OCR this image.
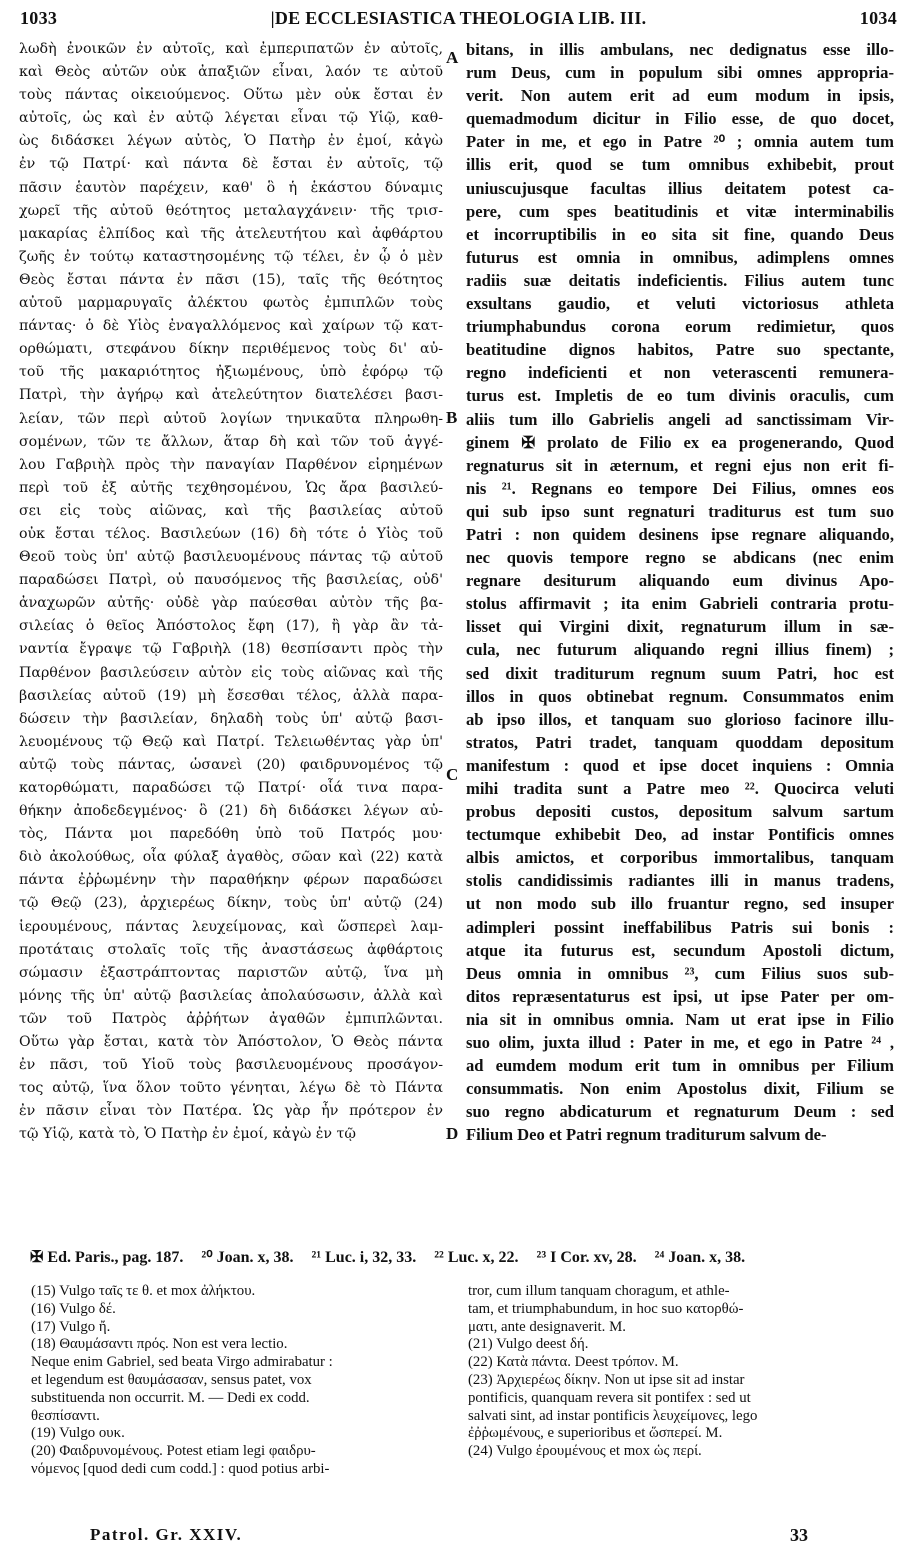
1033	|DE ECCLESIASTICA THEOLOGIA LIB. III.	1034

λωδὴ ἐνοικῶν ἐν αὐτοῖς, καὶ ἐμπεριπατῶν ἐν αὐτοῖς,

καὶ Θεὸς αὐτῶν οὐκ ἀπαξιῶν εἶναι, λαόν τε αὐτοῦ

τοὺς πάντας οἰκειούμενος. Οὕτω μὲν οὐκ ἔσται ἐν

αὐτοῖς, ὡς καὶ ἐν αὐτῷ λέγεται εἶναι τῷ Υἱῷ, καθ-

ὼς διδάσκει λέγων αὐτὸς, Ὁ Πατὴρ ἐν ἐμοί, κἀγὼ

ἐν τῷ Πατρί· καὶ πάντα δὲ ἔσται ἐν αὐτοῖς, τῷ

πᾶσιν ἑαυτὸν παρέχειν, καθ' ὃ ἡ ἑκάστου δύναμις

χωρεῖ τῆς αὐτοῦ θεότητος μεταλαγχάνειν· τῆς τρισ-

μακαρίας ἐλπίδος καὶ τῆς ἀτελευτήτου καὶ ἀφθάρτου

ζωῆς ἐν τούτῳ καταστησομένης τῷ τέλει, ἐν ᾧ ὁ μὲν

Θεὸς ἔσται πάντα ἐν πᾶσι (15), ταῖς τῆς θεότητος

αὐτοῦ μαρμαρυγαῖς ἀλέκτου φωτὸς ἐμπιπλῶν τοὺς

πάντας· ὁ δὲ Υἱὸς ἐναγαλλόμενος καὶ χαίρων τῷ κατ-

ορθώματι, στεφάνου δίκην περιθέμενος τοὺς δι' αὐ-

τοῦ τῆς μακαριότητος ἠξιωμένους, ὑπὸ ἐφόρῳ τῷ

Πατρὶ, τὴν ἀγήρῳ καὶ ἀτελεύτητον διατελέσει βασι-

λείαν, τῶν περὶ αὐτοῦ λογίων τηνικαῦτα πληρωθη-

σομένων, τῶν τε ἄλλων, ἅταρ δὴ καὶ τῶν τοῦ ἀγγέ-

λου Γαβριὴλ πρὸς τὴν παναγίαν Παρθένον εἰρημένων

περὶ τοῦ ἐξ αὐτῆς τεχθησομένου, Ὡς ἄρα βασιλεύ-

σει εἰς τοὺς αἰῶνας, καὶ τῆς βασιλείας αὐτοῦ

οὐκ ἔσται τέλος. Βασιλεύων (16) δὴ τότε ὁ Υἱὸς τοῦ

Θεοῦ τοὺς ὑπ' αὐτῷ βασιλευομένους πάντας τῷ αὐτοῦ

παραδώσει Πατρὶ, οὐ παυσόμενος τῆς βασιλείας, οὐδ'

ἀναχωρῶν αὐτῆς· οὐδὲ γὰρ παύεσθαι αὐτὸν τῆς βα-

σιλείας ὁ θεῖος Ἀπόστολος ἔφη (17), ἢ γὰρ ἂν τἀ-

ναντία ἔγραψε τῷ Γαβριὴλ (18) θεσπίσαντι πρὸς τὴν

Παρθένον βασιλεύσειν αὐτὸν εἰς τοὺς αἰῶνας καὶ τῆς

βασιλείας αὐτοῦ (19) μὴ ἔσεσθαι τέλος, ἀλλὰ παρα-

δώσειν τὴν βασιλείαν, δηλαδὴ τοὺς ὑπ' αὐτῷ βασι-

λευομένους τῷ Θεῷ καὶ Πατρί. Τελειωθέντας γὰρ ὑπ'

αὐτῷ τοὺς πάντας, ὡσανεὶ (20) φαιδρυνομένος τῷ

κατορθώματι, παραδώσει τῷ Πατρί· οἷά τινα παρα-

θήκην ἀποδεδεγμένος· ὃ (21) δὴ διδάσκει λέγων αὐ-

τὸς, Πάντα μοι παρεδόθη ὑπὸ τοῦ Πατρός μου·

διὸ ἀκολούθως, οἷα φύλαξ ἀγαθὸς, σῶαν καὶ (22) κατὰ

πάντα ἐῤῥωμένην τὴν παραθήκην φέρων παραδώσει

τῷ Θεῷ (23), ἀρχιερέως δίκην, τοὺς ὑπ' αὐτῷ (24)

ἱερουμένους, πάντας λευχείμονας, καὶ ὥσπερεὶ λαμ-

προτάταις στολαῖς τοῖς τῆς ἀναστάσεως ἀφθάρτοις

σώμασιν ἐξαστράπτοντας παριστῶν αὐτῷ, ἵνα μὴ

μόνης τῆς ὑπ' αὐτῷ βασιλείας ἀπολαύσωσιν, ἀλλὰ καὶ

τῶν τοῦ Πατρὸς ἀῤῥήτων ἀγαθῶν ἐμπιπλῶνται.

Οὕτω γὰρ ἔσται, κατὰ τὸν Ἀπόστολον, Ὁ Θεὸς πάντα

ἐν πᾶσι, τοῦ Υἱοῦ τοὺς βασιλευομένους προσάγον-

τος αὐτῷ, ἵνα ὅλον τοῦτο γένηται, λέγω δὲ τὸ Πάντα

ἐν πᾶσιν εἶναι τὸν Πατέρα. Ὡς γὰρ ἦν πρότερον ἐν

τῷ Υἱῷ, κατὰ τὸ, Ὁ Πατὴρ ἐν ἐμοί, κἀγὼ ἐν τῷ

bitans, in illis ambulans, nec dedignatus esse illo-

rum Deus, cum in populum sibi omnes appropria-

verit. Non autem erit ad eum modum in ipsis,

quemadmodum dicitur in Filio esse, de quo docet,

Pater in me, et ego in Patre ²⁰ ; omnia autem tum

illis erit, quod se tum omnibus exhibebit, prout

uniuscujusque facultas illius deitatem potest ca-

pere, cum spes beatitudinis et vitæ interminabilis

et incorruptibilis in eo sita sit fine, quando Deus

futurus est omnia in omnibus, adimplens omnes

radiis suæ deitatis indeficientis. Filius autem tunc

exsultans gaudio, et veluti victoriosus athleta

triumphabundus corona eorum redimietur, quos

beatitudine dignos habitos, Patre suo spectante,

regno indeficienti et non veterascenti remunera-

turus est. Impletis de eo tum divinis oraculis, cum

aliis tum illo Gabrielis angeli ad sanctissimam Vir-

ginem ✠ prolato de Filio ex ea progenerando, Quod

regnaturus sit in æternum, et regni ejus non erit fi-

nis ²¹. Regnans eo tempore Dei Filius, omnes eos

qui sub ipso sunt regnaturi traditurus est tum suo

Patri : non quidem desinens ipse regnare aliquando,

nec quovis tempore regno se abdicans (nec enim

regnare desiturum aliquando eum divinus Apo-

stolus affirmavit ; ita enim Gabrieli contraria protu-

lisset qui Virgini dixit, regnaturum illum in sæ-

cula, nec futurum aliquando regni illius finem) ;

sed dixit traditurum regnum suum Patri, hoc est

illos in quos obtinebat regnum. Consummatos enim

ab ipso illos, et tanquam suo glorioso facinore illu-

stratos, Patri tradet, tanquam quoddam depositum

manifestum : quod et ipse docet inquiens : Omnia

mihi tradita sunt a Patre meo ²². Quocirca veluti

probus depositi custos, depositum salvum sartum

tectumque exhibebit Deo, ad instar Pontificis omnes

albis amictos, et corporibus immortalibus, tanquam

stolis candidissimis radiantes illi in manus tradens,

ut non modo sub illo fruantur regno, sed insuper

adimpleri possint ineffabilibus Patris sui bonis :

atque ita futurus est, secundum Apostoli dictum,

Deus omnia in omnibus ²³, cum Filius suos sub-

ditos repræsentaturus est ipsi, ut ipse Pater per om-

nia sit in omnibus omnia. Nam ut erat ipse in Filio

suo olim, juxta illud : Pater in me, et ego in Patre ²⁴ ,

ad eumdem modum erit tum in omnibus per Filium

consummatis. Non enim Apostolus dixit, Filium se

suo regno abdicaturum et regnaturum Deum : sed

Filium Deo et Patri regnum traditurum salvum de-

A
B
C
D
✠ Ed. Paris., pag. 187. ²⁰ Joan. x, 38. ²¹ Luc. i, 32, 33. ²² Luc. x, 22. ²³ I Cor. xv, 28. ²⁴ Joan. x, 38.

(15) Vulgo ταῖς τε θ. et mox ἀλήκτου.

(16) Vulgo δέ.

(17) Vulgo ἤ.

(18) Θαυμάσαντι πρός. Non est vera lectio.

Neque enim Gabriel, sed beata Virgo admirabatur :

et legendum est θαυμάσασαν, sensus patet, vox

substituenda non occurrit. M. — Dedi ex codd.

θεσπίσαντι.

(19) Vulgo ουκ.

(20) Φαιδρυνομένους. Potest etiam legi φαιδρυ-

νόμενος [quod dedi cum codd.] : quod potius arbi-

tror, cum illum tanquam choragum, et athle-

tam, et triumphabundum, in hoc suo κατορθώ-

ματι, ante designaverit. M.

(21) Vulgo deest δή.

(22) Κατὰ πάντα. Deest τρόπον. M.

(23) Ἀρχιερέως δίκην. Non ut ipse sit ad instar

pontificis, quanquam revera sit pontifex : sed ut

salvati sint, ad instar pontificis λευχείμονες, lego

ἐῤῥωμένους, e superioribus et ὥσπερεί. M.

(24) Vulgo ἐρουμένους et mox ὡς περί.

Patrol. Gr. XXIV.	33
